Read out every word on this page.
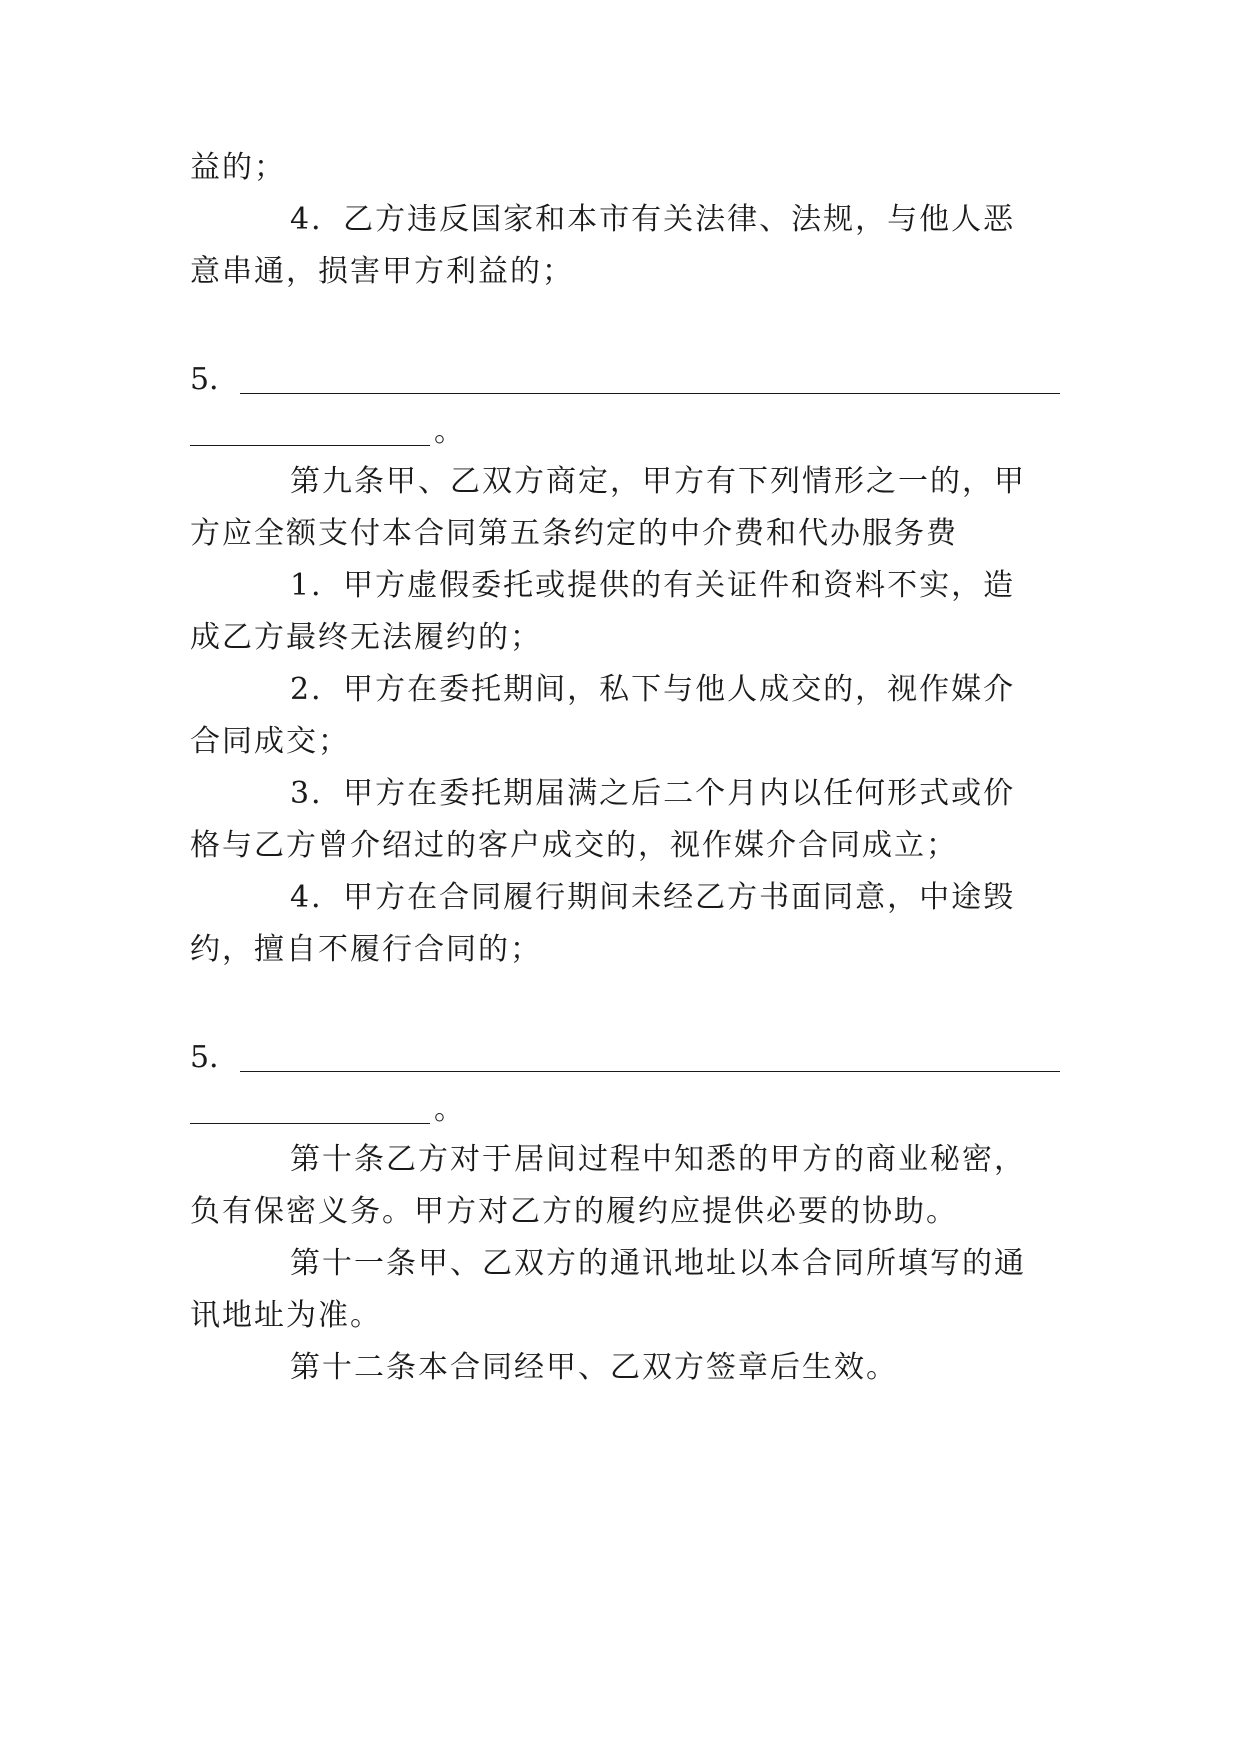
益的；
4．乙方违反国家和本市有关法律、法规，与他人恶
意串通，损害甲方利益的；
5．
。
第九条甲、乙双方商定，甲方有下列情形之一的，甲
方应全额支付本合同第五条约定的中介费和代办服务费
1．甲方虚假委托或提供的有关证件和资料不实，造
成乙方最终无法履约的；
2．甲方在委托期间，私下与他人成交的，视作媒介
合同成交；
3．甲方在委托期届满之后二个月内以任何形式或价
格与乙方曾介绍过的客户成交的，视作媒介合同成立；
4．甲方在合同履行期间未经乙方书面同意，中途毁
约，擅自不履行合同的；
5．
。
第十条乙方对于居间过程中知悉的甲方的商业秘密，
负有保密义务。甲方对乙方的履约应提供必要的协助。
第十一条甲、乙双方的通讯地址以本合同所填写的通
讯地址为准。
第十二条本合同经甲、乙双方签章后生效。
